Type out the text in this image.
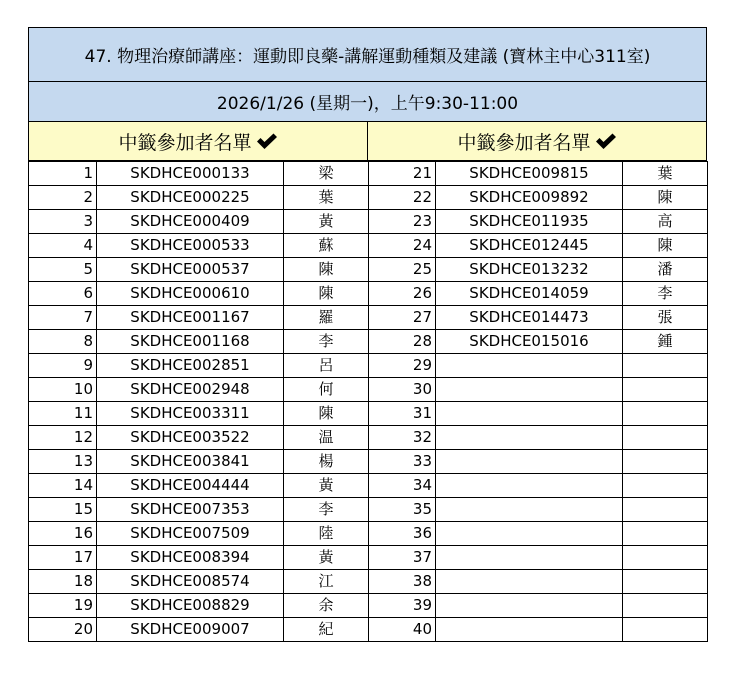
47. 物理治療師講座：運動即良藥-講解運動種類及建議 (寶林主中心311室)
2026/1/26 (星期一)，上午9:30-11:00
中籤參加者名單	中籤參加者名單
1	SKDHCE000133	梁	21	SKDHCE009815	葉
2	SKDHCE000225	葉	22	SKDHCE009892	陳
3	SKDHCE000409	黃	23	SKDHCE011935	高
4	SKDHCE000533	蘇	24	SKDHCE012445	陳
5	SKDHCE000537	陳	25	SKDHCE013232	潘
6	SKDHCE000610	陳	26	SKDHCE014059	李
7	SKDHCE001167	羅	27	SKDHCE014473	張
8	SKDHCE001168	李	28	SKDHCE015016	鍾
9	SKDHCE002851	呂	29		
10	SKDHCE002948	何	30		
11	SKDHCE003311	陳	31		
12	SKDHCE003522	温	32		
13	SKDHCE003841	楊	33		
14	SKDHCE004444	黃	34		
15	SKDHCE007353	李	35		
16	SKDHCE007509	陸	36		
17	SKDHCE008394	黃	37		
18	SKDHCE008574	江	38		
19	SKDHCE008829	余	39		
20	SKDHCE009007	紀	40		
